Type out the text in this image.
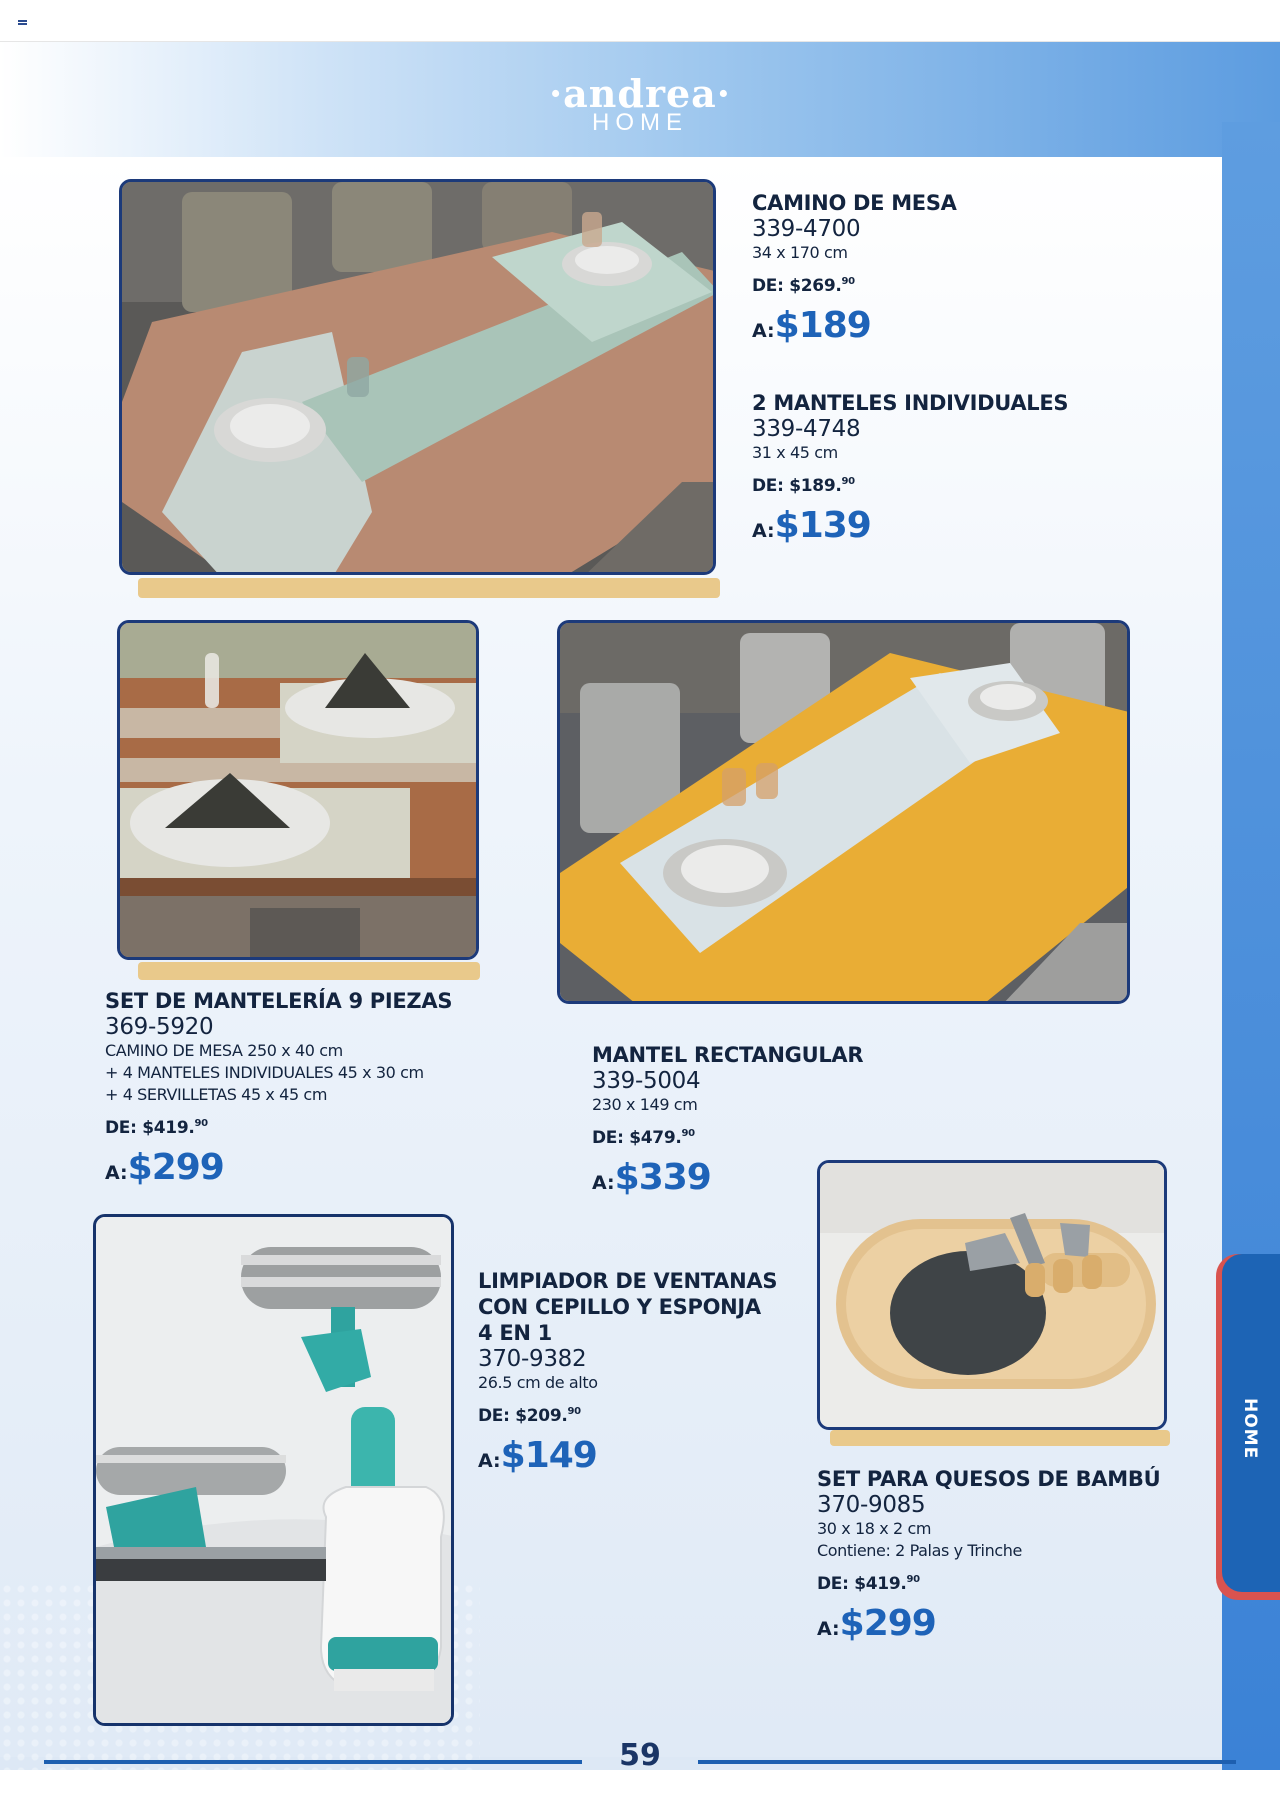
·andrea·
HOME
CAMINO DE MESA
339-4700
34 x 170 cm
DE: $269.90
A:$189
2 MANTELES INDIVIDUALES
339-4748
31 x 45 cm
DE: $189.90
A:$139
SET DE MANTELERÍA 9 PIEZAS
369-5920
CAMINO DE MESA 250 x 40 cm
+ 4 MANTELES INDIVIDUALES 45 x 30 cm
+ 4 SERVILLETAS 45 x 45 cm
DE: $419.90
A:$299
MANTEL RECTANGULAR
339-5004
230 x 149 cm
DE: $479.90
A:$339
LIMPIADOR DE VENTANAS
CON CEPILLO Y ESPONJA
4 EN 1
370-9382
26.5 cm de alto
DE: $209.90
A:$149
SET PARA QUESOS DE BAMBÚ
370-9085
30 x 18 x 2 cm
Contiene: 2 Palas y Trinche
DE: $419.90
A:$299
HOME
59
